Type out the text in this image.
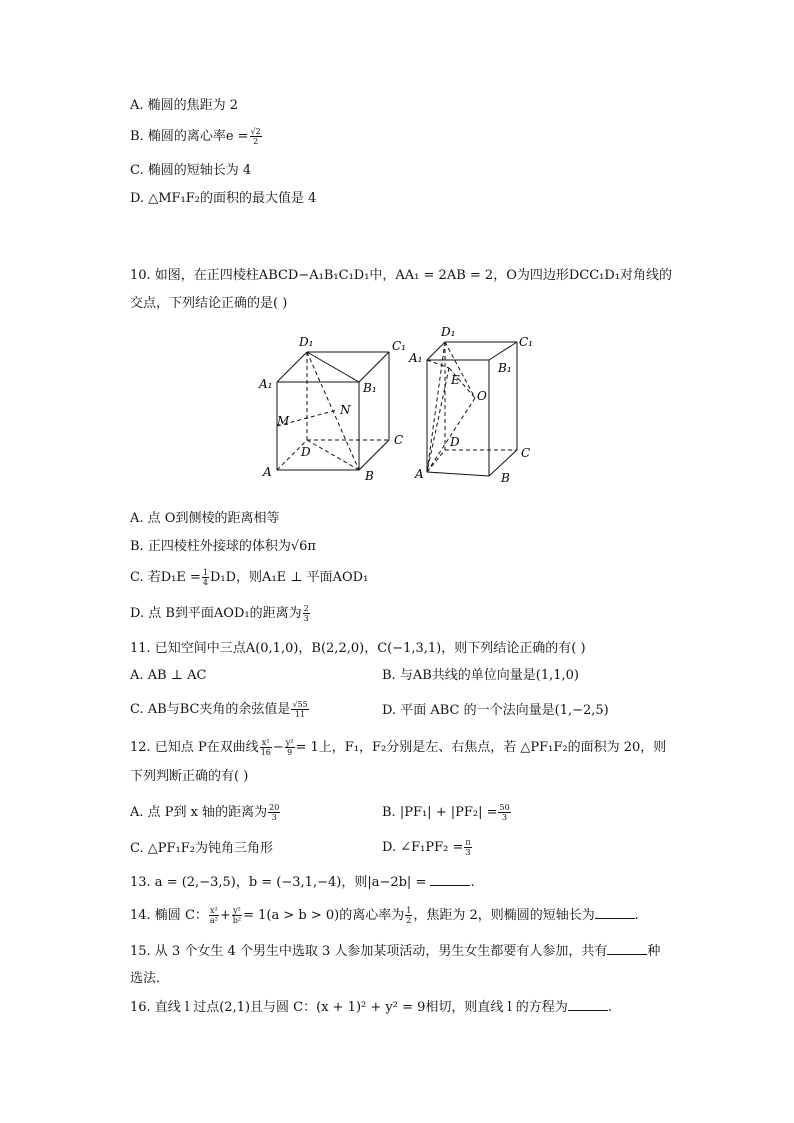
A. 椭圆的焦距为 2
B. 椭圆的离心率$e = \frac{√2}{2}$
C. 椭圆的短轴长为 4
D. △MF₁F₂的面积的最大值是 4
10. 如图，在正四棱柱ABCD−A₁B₁C₁D₁中，AA₁ = 2AB = 2，O为四边形DCC₁D₁对角线的
交点，下列结论正确的是( )
D₁	C₁
A₁	B₁
N
M
C
D
A	B
D₁
C₁
A₁
B₁
E
O
D
C
A	B
A. 点 O到侧棱的距离相等
B. 正四棱柱外接球的体积为√6π
C. 若$D_1E = \frac{1}{4} D_1D$，则A₁E ⊥ 平面AOD₁
D. 点 B到平面AOD₁的距离为 $\frac{2}{3}$
11. 已知空间中三点A(0,1,0)，B(2,2,0)，C(−1,3,1)，则下列结论正确的有( )
A. AB ⊥ AC	B. 与AB共线的单位向量是(1,1,0)
C. AB与BC夹角的余弦值是 $\frac{√55}{11}$	D. 平面 ABC 的一个法向量是(1,−2,5)
12. 已知点 P在双曲线 $\frac{\text{x²}}{16} - \frac{\text{y²}}{9} = 1$上，F₁，F₂分别是左、右焦点，若 △PF₁F₂的面积为 20，则
下列判断正确的有( )
A. 点 P到 x 轴的距离为 $\frac{20}{3}$	B. $|PF_1| + |PF_2| = \frac{50}{3}$
C. △PF₁F₂为钝角三角形	D. ∠F₁PF₂ = $\frac{\pi}{3}$
13. a = (2,−3,5)，b = (−3,1,−4)，则|a−2b| =	.
14. 椭圆 C： $\frac{\text{x²}}{\text{a²}} + \frac{\text{y²}}{\text{b²}} = 1(a > b > 0)$的离心率为 $\frac{1}{2}$ ，焦距为 2，则椭圆的短轴长为	.
15. 从 3 个女生 4 个男生中选取 3 人参加某项活动，男生女生都要有人参加，共有	种
选法．
16. 直线 l 过点(2,1)且与圆 C：(x + 1)² + y² = 9相切，则直线 l 的方程为	.
